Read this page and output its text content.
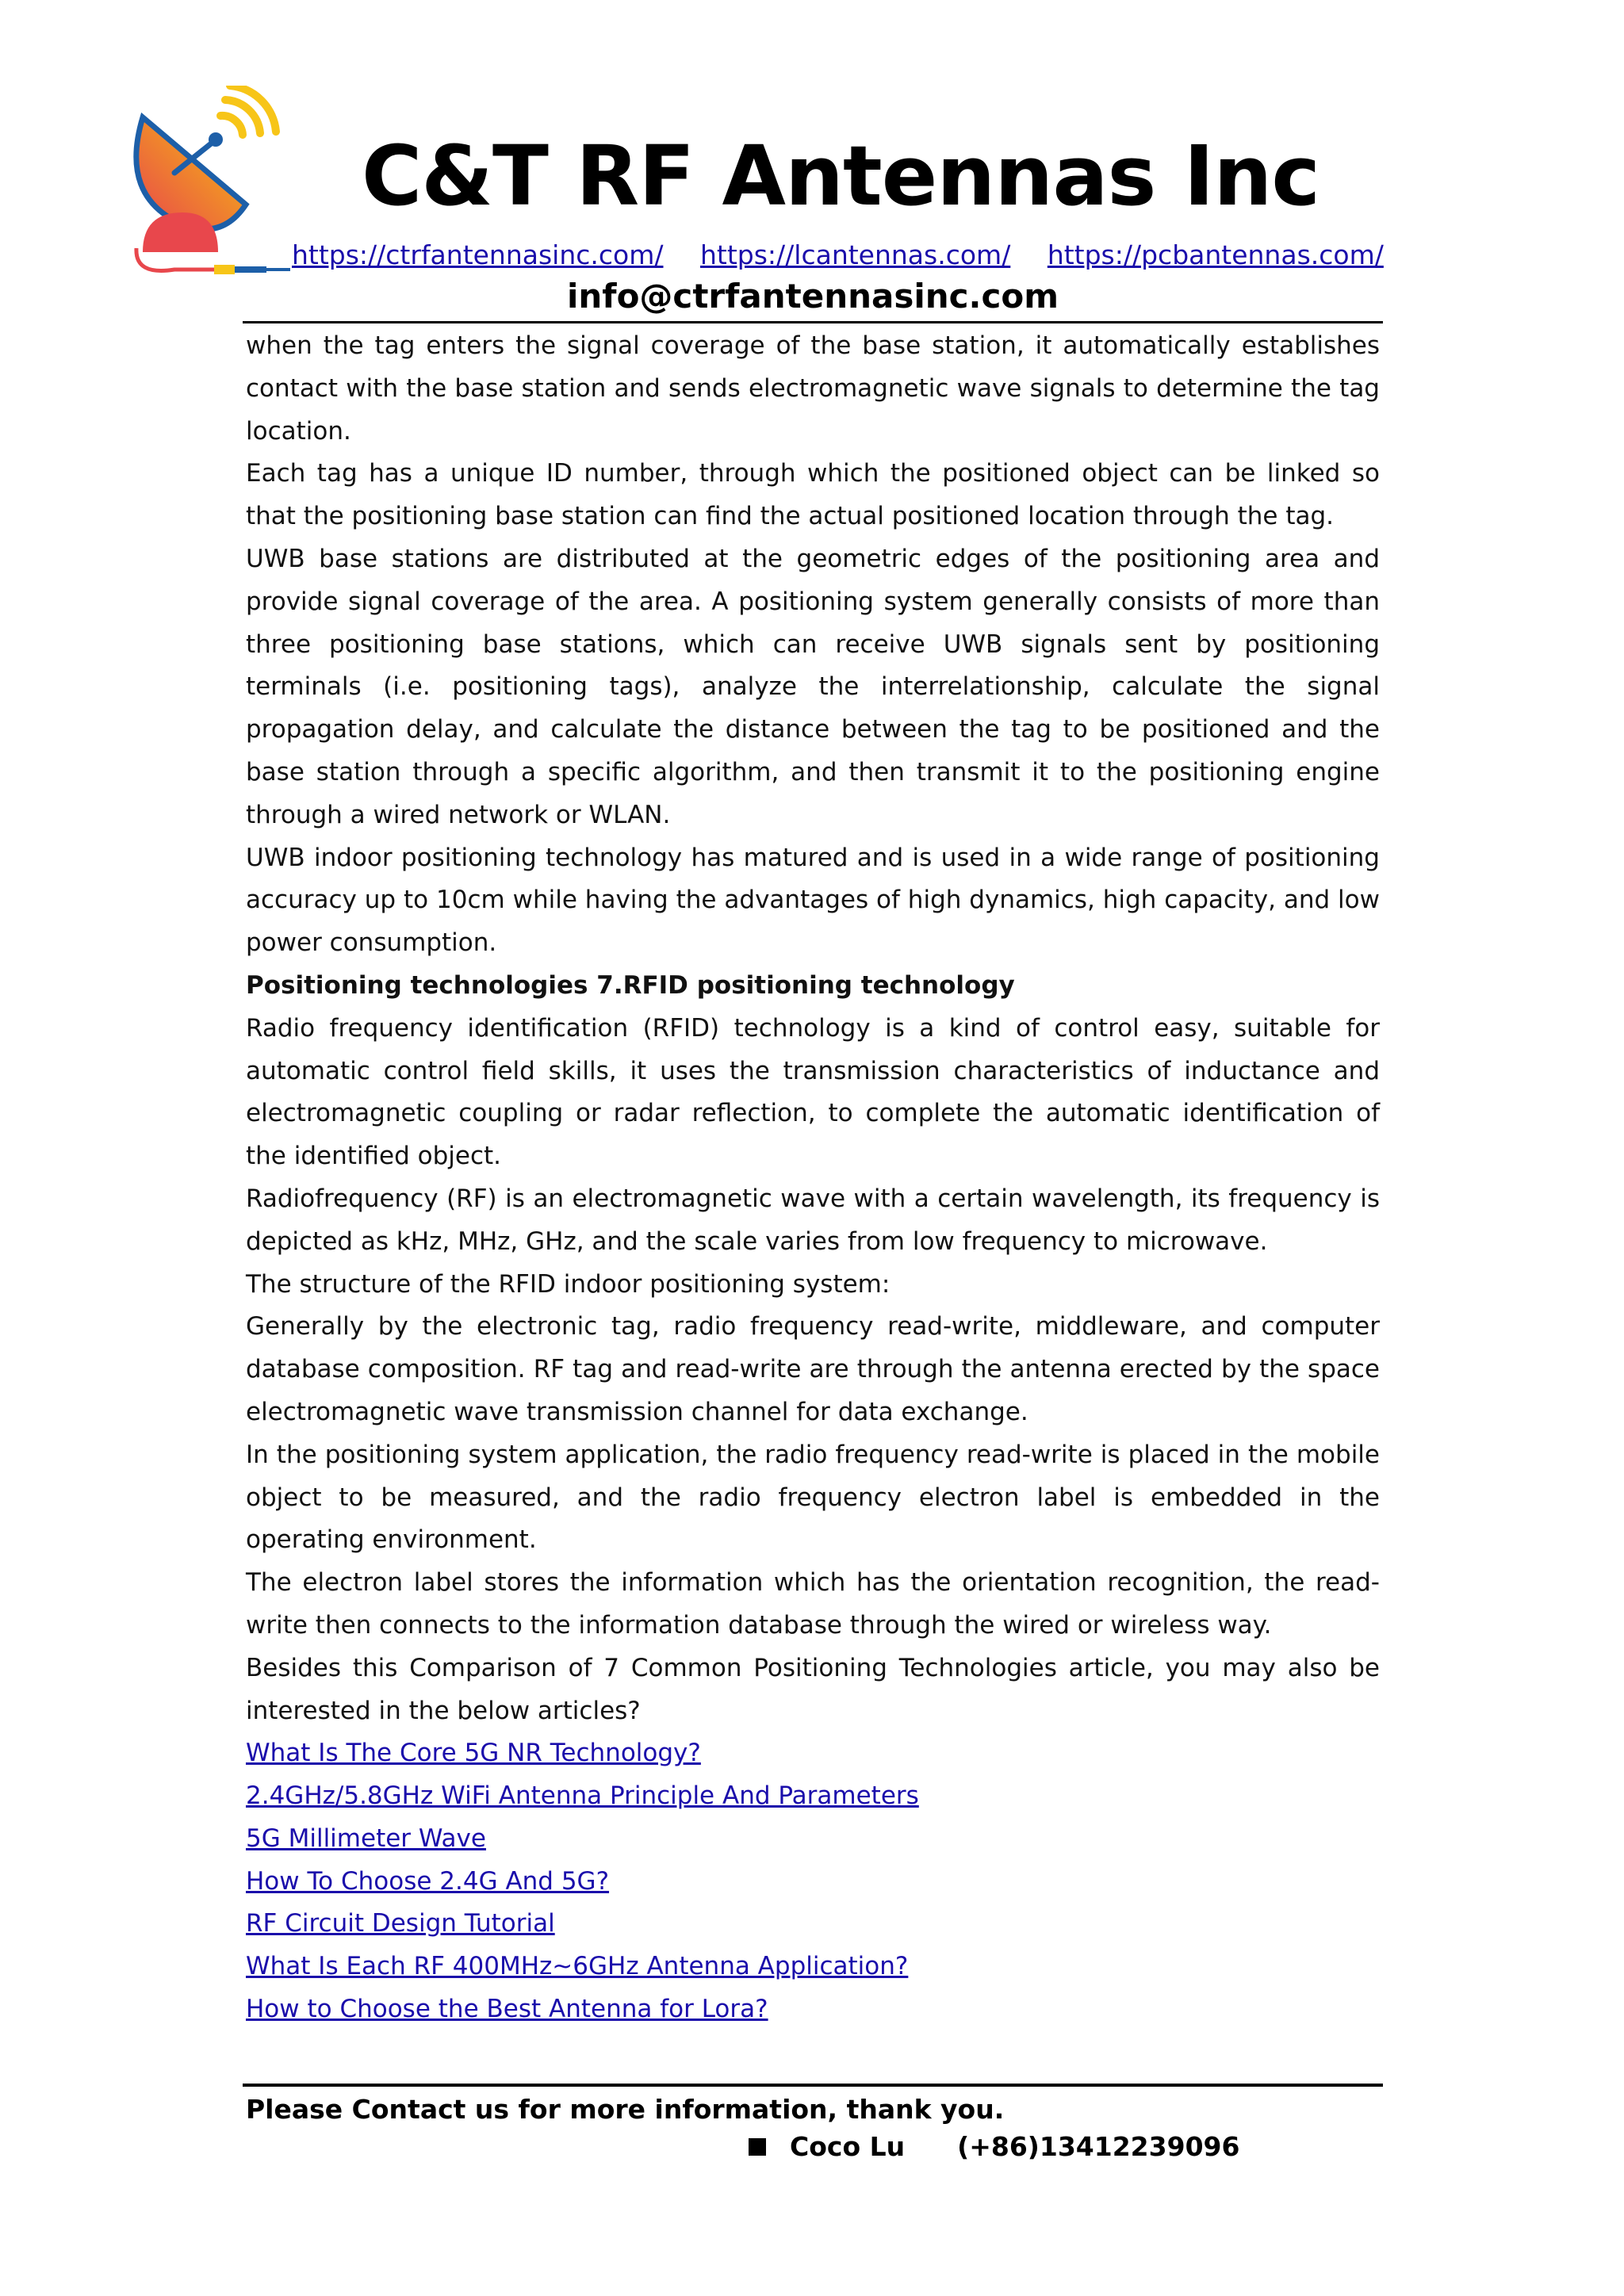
C&T RF Antennas Inc
https://ctrfantennasinc.com/ https://lcantennas.com/ https://pcbantennas.com/
info@ctrfantennasinc.com

when the tag enters the signal coverage of the base station, it automatically establishes contact with the base station and sends electromagnetic wave signals to determine the tag location.

Each tag has a unique ID number, through which the positioned object can be linked so that the positioning base station can find the actual positioned location through the tag.

UWB base stations are distributed at the geometric edges of the positioning area and provide signal coverage of the area. A positioning system generally consists of more than three positioning base stations, which can receive UWB signals sent by positioning terminals (i.e. positioning tags), analyze the interrelationship, calculate the signal propagation delay, and calculate the distance between the tag to be positioned and the base station through a specific algorithm, and then transmit it to the positioning engine through a wired network or WLAN.

UWB indoor positioning technology has matured and is used in a wide range of positioning accuracy up to 10cm while having the advantages of high dynamics, high capacity, and low power consumption.

Positioning technologies 7.RFID positioning technology

Radio frequency identification (RFID) technology is a kind of control easy, suitable for automatic control field skills, it uses the transmission characteristics of inductance and electromagnetic coupling or radar reflection, to complete the automatic identification of the identified object.

Radiofrequency (RF) is an electromagnetic wave with a certain wavelength, its frequency is depicted as kHz, MHz, GHz, and the scale varies from low frequency to microwave.

The structure of the RFID indoor positioning system:

Generally by the electronic tag, radio frequency read-write, middleware, and computer database composition. RF tag and read-write are through the antenna erected by the space electromagnetic wave transmission channel for data exchange.

In the positioning system application, the radio frequency read-write is placed in the mobile object to be measured, and the radio frequency electron label is embedded in the operating environment.

The electron label stores the information which has the orientation recognition, the read-write then connects to the information database through the wired or wireless way.

Besides this Comparison of 7 Common Positioning Technologies article, you may also be interested in the below articles?

What Is The Core 5G NR Technology?
2.4GHz/5.8GHz WiFi Antenna Principle And Parameters
5G Millimeter Wave
How To Choose 2.4G And 5G?
RF Circuit Design Tutorial
What Is Each RF 400MHz~6GHz Antenna Application?
How to Choose the Best Antenna for Lora?
Please Contact us for more information, thank you.
Coco Lu (+86)13412239096
